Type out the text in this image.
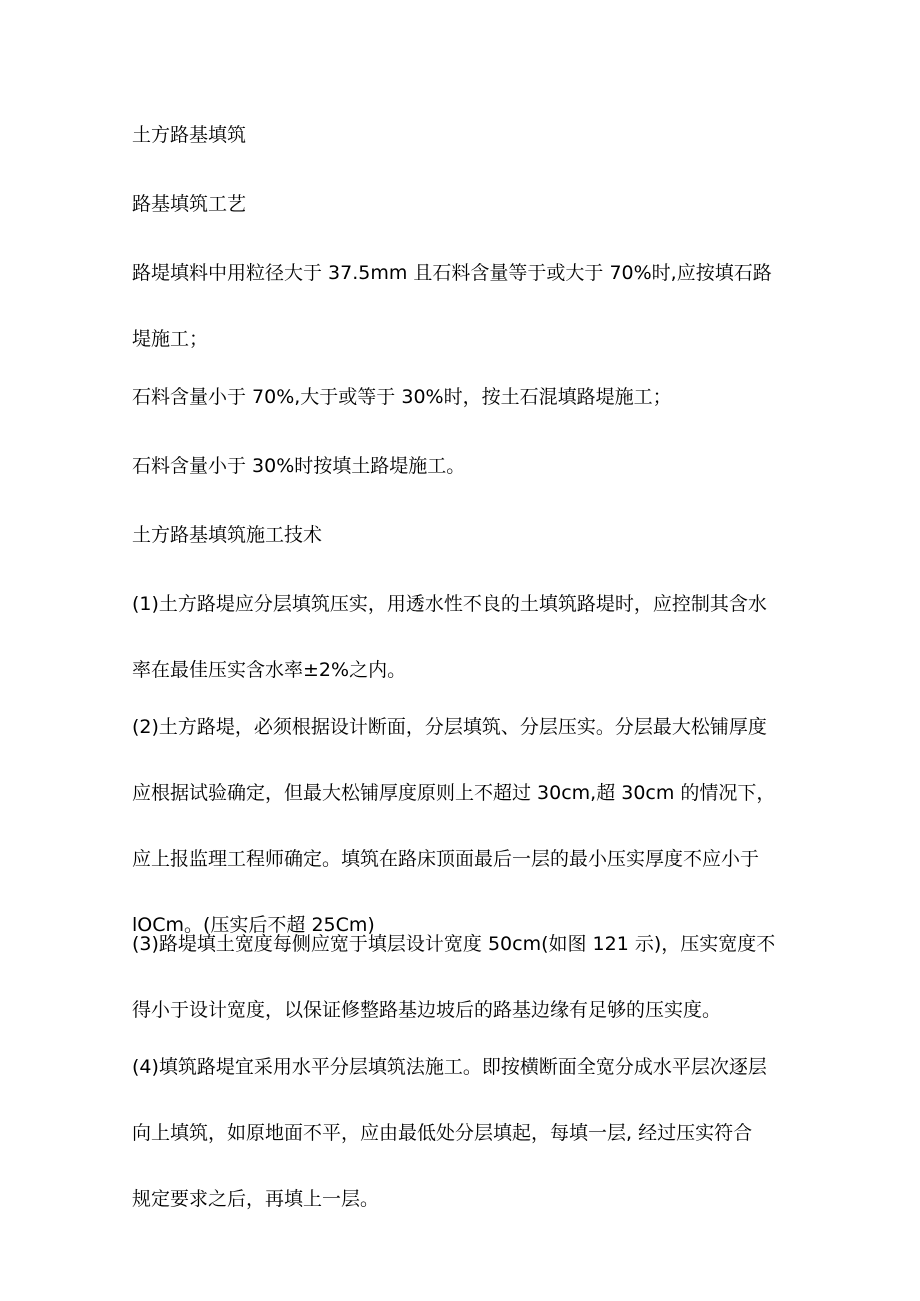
土方路基填筑

路基填筑工艺

路堤填料中用粒径大于 37.5mm 且石料含量等于或大于 70%时,应按填石路
堤施工；

石料含量小于 70%,大于或等于 30%时，按土石混填路堤施工；

石料含量小于 30%时按填土路堤施工。

土方路基填筑施工技术

(1)土方路堤应分层填筑压实，用透水性不良的土填筑路堤时，应控制其含水
率在最佳压实含水率±2%之内。

(2)土方路堤，必须根据设计断面，分层填筑、分层压实。分层最大松铺厚度
应根据试验确定，但最大松铺厚度原则上不超过 30cm,超 30cm 的情况下，
应上报监理工程师确定。填筑在路床顶面最后一层的最小压实厚度不应小于
lOCm。(压实后不超 25Cm)

(3)路堤填土宽度每侧应宽于填层设计宽度 50cm(如图 121 示)，压实宽度不
得小于设计宽度，以保证修整路基边坡后的路基边缘有足够的压实度。

(4)填筑路堤宜采用水平分层填筑法施工。即按横断面全宽分成水平层次逐层
向上填筑，如原地面不平，应由最低处分层填起，每填一层, 经过压实符合
规定要求之后，再填上一层。
